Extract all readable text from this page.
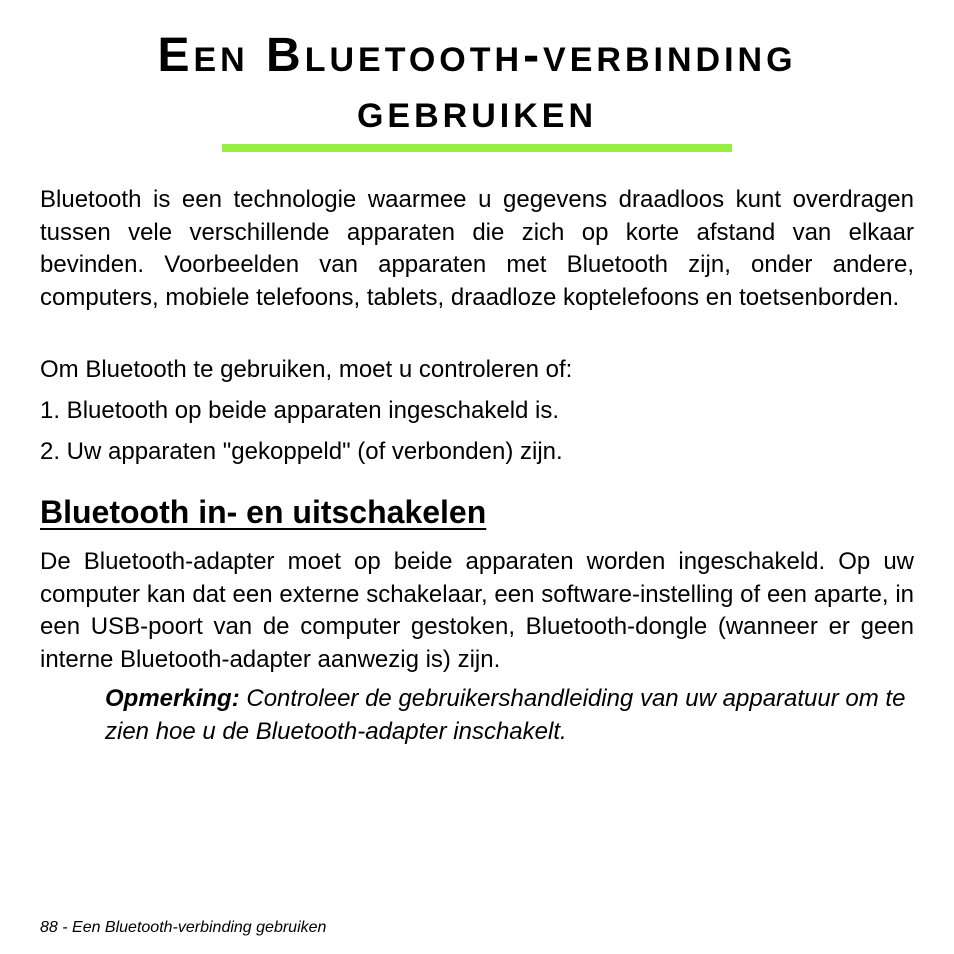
Een Bluetooth-verbinding
gebruiken

Bluetooth is een technologie waarmee u gegevens draadloos kunt overdragen tussen vele verschillende apparaten die zich op korte afstand van elkaar bevinden. Voorbeelden van apparaten met Bluetooth zijn, onder andere, computers, mobiele telefoons, tablets, draadloze koptelefoons en toetsenborden.

Om Bluetooth te gebruiken, moet u controleren of:

1. Bluetooth op beide apparaten ingeschakeld is.

2. Uw apparaten "gekoppeld" (of verbonden) zijn.

Bluetooth in- en uitschakelen

De Bluetooth-adapter moet op beide apparaten worden ingeschakeld. Op uw computer kan dat een externe schakelaar, een software-instelling of een aparte, in een USB-poort van de computer gestoken, Bluetooth-dongle (wanneer er geen interne Bluetooth-adapter aanwezig is) zijn.

Opmerking: Controleer de gebruikershandleiding van uw apparatuur om te zien hoe u de Bluetooth-adapter inschakelt.

88 - Een Bluetooth-verbinding gebruiken
